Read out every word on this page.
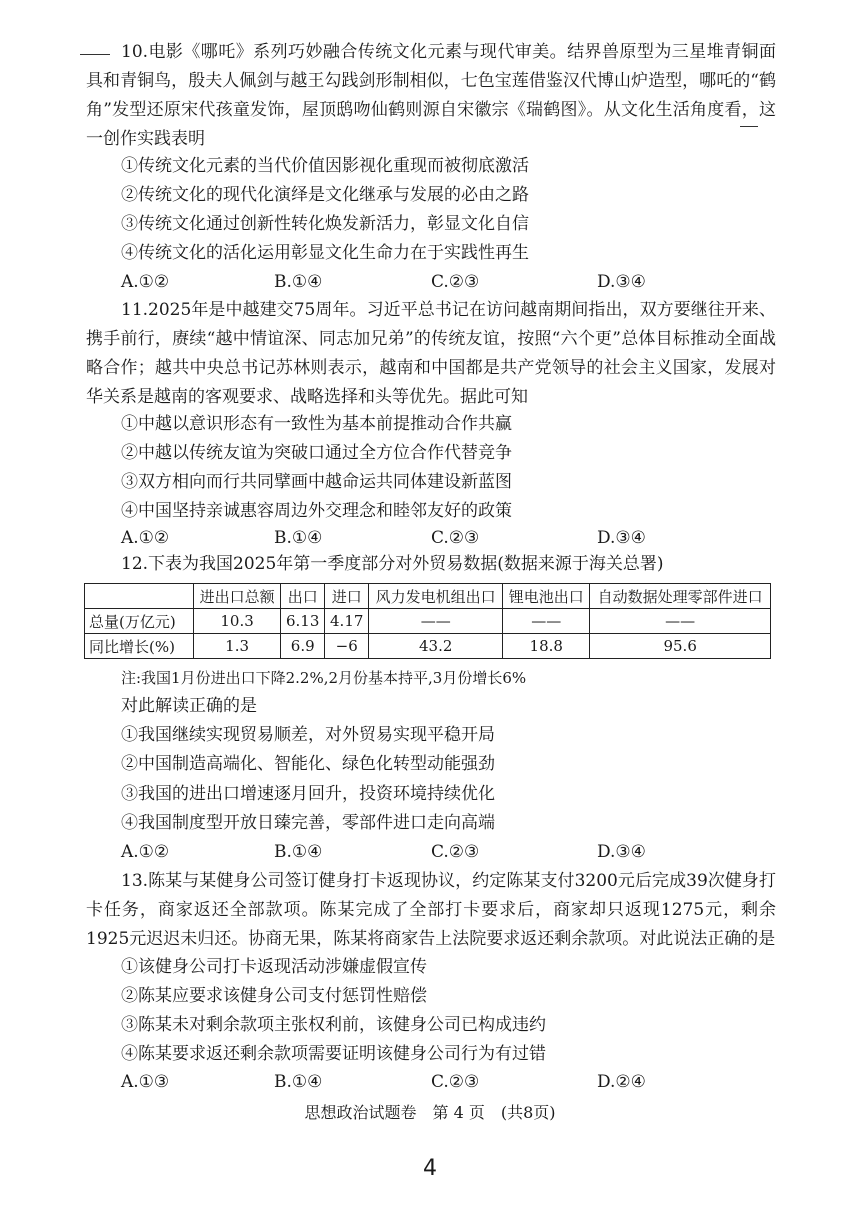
10.电影《哪吒》系列巧妙融合传统文化元素与现代审美。结界兽原型为三星堆青铜面具和青铜鸟，殷夫人佩剑与越王勾践剑形制相似，七色宝莲借鉴汉代博山炉造型，哪吒的“鹤角”发型还原宋代孩童发饰，屋顶鸱吻仙鹤则源自宋徽宗《瑞鹤图》。从文化生活角度看，这一创作实践表明

①传统文化元素的当代价值因影视化重现而被彻底激活
②传统文化的现代化演绎是文化继承与发展的必由之路
③传统文化通过创新性转化焕发新活力，彰显文化自信
④传统文化的活化运用彰显文化生命力在于实践性再生
A.①②	B.①④	C.②③	D.③④

11.2025年是中越建交75周年。习近平总书记在访问越南期间指出，双方要继往开来、携手前行，赓续“越中情谊深、同志加兄弟”的传统友谊，按照“六个更”总体目标推动全面战略合作；越共中央总书记苏林则表示，越南和中国都是共产党领导的社会主义国家，发展对华关系是越南的客观要求、战略选择和头等优先。据此可知

①中越以意识形态有一致性为基本前提推动合作共赢
②中越以传统友谊为突破口通过全方位合作代替竞争
③双方相向而行共同擘画中越命运共同体建设新蓝图
④中国坚持亲诚惠容周边外交理念和睦邻友好的政策
A.①②	B.①④	C.②③	D.③④

12.下表为我国2025年第一季度部分对外贸易数据(数据来源于海关总署)

	进出口总额	出口	进口	风力发电机组出口	锂电池出口	自动数据处理零部件进口
总量(万亿元)	10.3	6.13	4.17	——	——	——
同比增长(%)	1.3	6.9	−6	43.2	18.8	95.6
注:我国1月份进出口下降2.2%,2月份基本持平,3月份增长6%
对此解读正确的是
①我国继续实现贸易顺差，对外贸易实现平稳开局
②中国制造高端化、智能化、绿色化转型动能强劲
③我国的进出口增速逐月回升，投资环境持续优化
④我国制度型开放日臻完善，零部件进口走向高端
A.①②	B.①④	C.②③	D.③④

13.陈某与某健身公司签订健身打卡返现协议，约定陈某支付3200元后完成39次健身打卡任务，商家返还全部款项。陈某完成了全部打卡要求后，商家却只返现1275元，剩余1925元迟迟未归还。协商无果，陈某将商家告上法院要求返还剩余款项。对此说法正确的是

①该健身公司打卡返现活动涉嫌虚假宣传
②陈某应要求该健身公司支付惩罚性赔偿
③陈某未对剩余款项主张权利前，该健身公司已构成违约
④陈某要求返还剩余款项需要证明该健身公司行为有过错
A.①③	B.①④	C.②③	D.②④
思想政治试题卷　第 4 页　(共8页)
4
